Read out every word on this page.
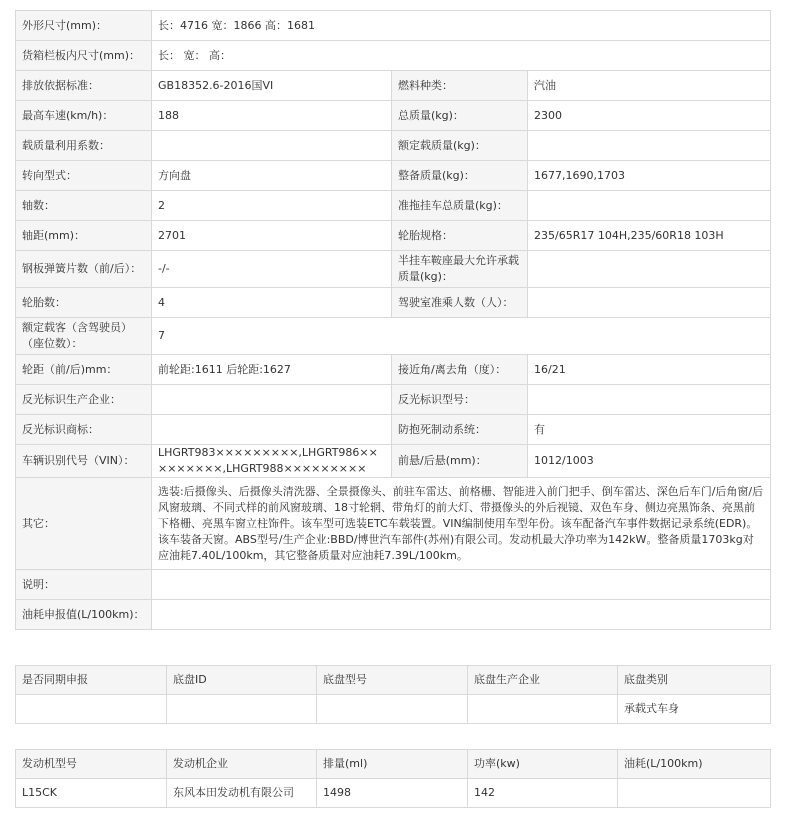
外形尺寸(mm)：	长：4716 宽：1866 高：1681		
货箱栏板内尺寸(mm)：	长： 宽： 高：		
排放依据标准：	GB18352.6-2016国VI	燃料种类：	汽油
最高车速(km/h)：	188	总质量(kg)：	2300
载质量利用系数：		额定载质量(kg)：	
转向型式：	方向盘	整备质量(kg)：	1677,1690,1703
轴数：	2	准拖挂车总质量(kg)：	
轴距(mm)：	2701	轮胎规格：	235/65R17 104H,235/60R18 103H
钢板弹簧片数（前/后）：	-/-	半挂车鞍座最大允许承载质量(kg)：	
轮胎数：	4	驾驶室准乘人数（人）：	
额定载客（含驾驶员）（座位数）：	7		
轮距（前/后)mm：	前轮距:1611 后轮距:1627	接近角/离去角（度）：	16/21
反光标识生产企业：		反光标识型号：	
反光标识商标：		防抱死制动系统：	有
车辆识别代号（VIN）：	LHGRT983×××××××××,LHGRT986××××××××​×,LHGRT988×××××××××	前悬/后悬(mm)：	1012/1003
其它：	选装:后摄像头、后摄像头清洗器、全景摄像头、前驻车雷达、前格栅、智能进入前门把手、倒车雷达、深色后车门/后角窗/后风窗玻璃、不同式样的前风窗玻璃、18寸轮辋、带角灯的前大灯、带摄像头的外后视镜、双色车身、侧边亮黑饰条、亮黑前下格栅、亮黑车窗立柱饰件。该车型可选装ETC车载装置。VIN编制使用车型年份。该车配备汽车事件数据记录系统(EDR)。该车装备天窗。ABS型号/生产企业:BBD/博世汽车部件(苏州)有限公司。发动机最大净功率为142kW。整备质量1703kg对应油耗7.40L/100km，其它整备质量对应油耗7.39L/100km。		
说明：			
油耗申报值(L/100km)：			
是否同期申报	底盘ID	底盘型号	底盘生产企业	底盘类别
				承载式车身
发动机型号	发动机企业	排量(ml)	功率(kw)	油耗(L/100km)
L15CK	东风本田发动机有限公司	1498	142	
